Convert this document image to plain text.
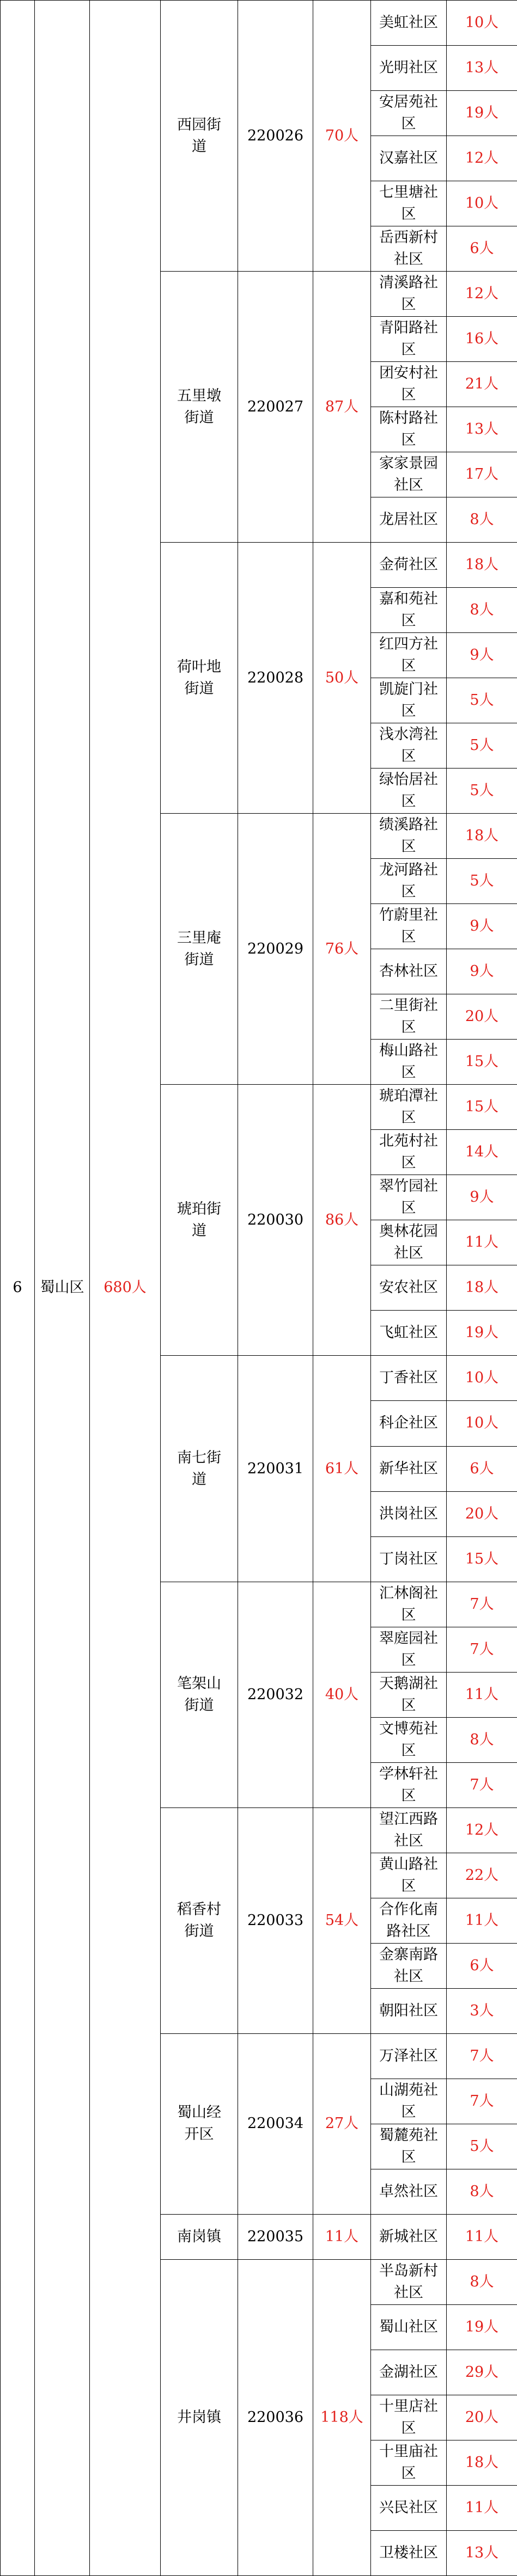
6	蜀山区	680人	西园街道	220026	70人	美虹社区	10人
						光明社区	13人
						安居苑社区	19人
						汉嘉社区	12人
						七里塘社区	10人
						岳西新村社区	6人
			五里墩街道	220027	87人	清溪路社区	12人
						青阳路社区	16人
						团安村社区	21人
						陈村路社区	13人
						家家景园社区	17人
						龙居社区	8人
			荷叶地街道	220028	50人	金荷社区	18人
						嘉和苑社区	8人
						红四方社区	9人
						凯旋门社区	5人
						浅水湾社区	5人
						绿怡居社区	5人
			三里庵街道	220029	76人	绩溪路社区	18人
						龙河路社区	5人
						竹蔚里社区	9人
						杏林社区	9人
						二里街社区	20人
						梅山路社区	15人
			琥珀街道	220030	86人	琥珀潭社区	15人
						北苑村社区	14人
						翠竹园社区	9人
						奥林花园社区	11人
						安农社区	18人
						飞虹社区	19人
			南七街道	220031	61人	丁香社区	10人
						科企社区	10人
						新华社区	6人
						洪岗社区	20人
						丁岗社区	15人
			笔架山街道	220032	40人	汇林阁社区	7人
						翠庭园社区	7人
						天鹅湖社区	11人
						文博苑社区	8人
						学林轩社区	7人
			稻香村街道	220033	54人	望江西路社区	12人
						黄山路社区	22人
						合作化南路社区	11人
						金寨南路社区	6人
						朝阳社区	3人
			蜀山经开区	220034	27人	万泽社区	7人
						山湖苑社区	7人
						蜀麓苑社区	5人
						卓然社区	8人
			南岗镇	220035	11人	新城社区	11人
			井岗镇	220036	118人	半岛新村社区	8人
						蜀山社区	19人
						金湖社区	29人
						十里店社区	20人
						十里庙社区	18人
						兴民社区	11人
						卫楼社区	13人
